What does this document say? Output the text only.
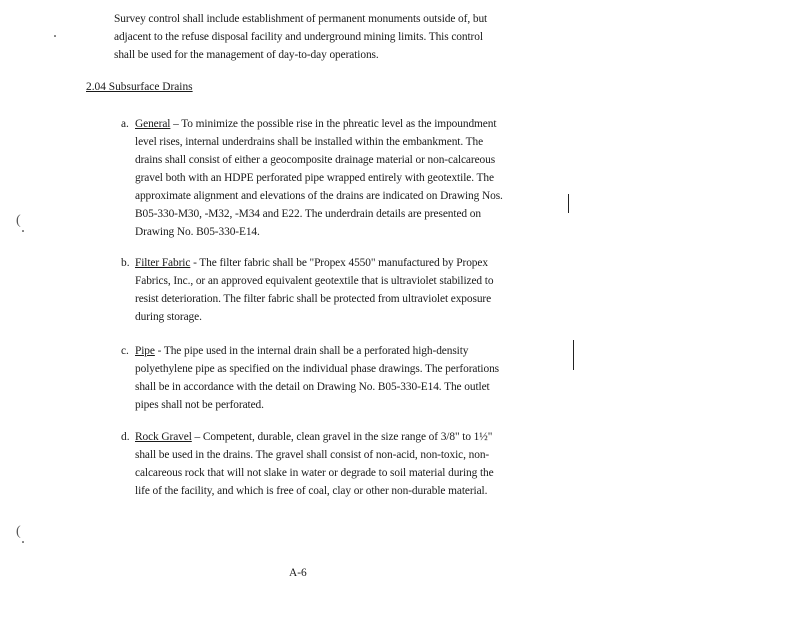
Survey control shall include establishment of permanent monuments outside of, but
adjacent to the refuse disposal facility and underground mining limits. This control
shall be used for the management of day-to-day operations.
2.04 Subsurface Drains
a. General – To minimize the possible rise in the phreatic level as the impoundment
level rises, internal underdrains shall be installed within the embankment. The
drains shall consist of either a geocomposite drainage material or non-calcareous
gravel both with an HDPE perforated pipe wrapped entirely with geotextile. The
approximate alignment and elevations of the drains are indicated on Drawing Nos.
B05-330-M30, -M32, -M34 and E22. The underdrain details are presented on
Drawing No. B05-330-E14.
b. Filter Fabric - The filter fabric shall be "Propex 4550" manufactured by Propex
Fabrics, Inc., or an approved equivalent geotextile that is ultraviolet stabilized to
resist deterioration. The filter fabric shall be protected from ultraviolet exposure
during storage.
c. Pipe - The pipe used in the internal drain shall be a perforated high-density
polyethylene pipe as specified on the individual phase drawings. The perforations
shall be in accordance with the detail on Drawing No. B05-330-E14. The outlet
pipes shall not be perforated.
d. Rock Gravel – Competent, durable, clean gravel in the size range of 3/8" to 1½"
shall be used in the drains. The gravel shall consist of non-acid, non-toxic, non-
calcareous rock that will not slake in water or degrade to soil material during the
life of the facility, and which is free of coal, clay or other non-durable material.
(
(
A-6
